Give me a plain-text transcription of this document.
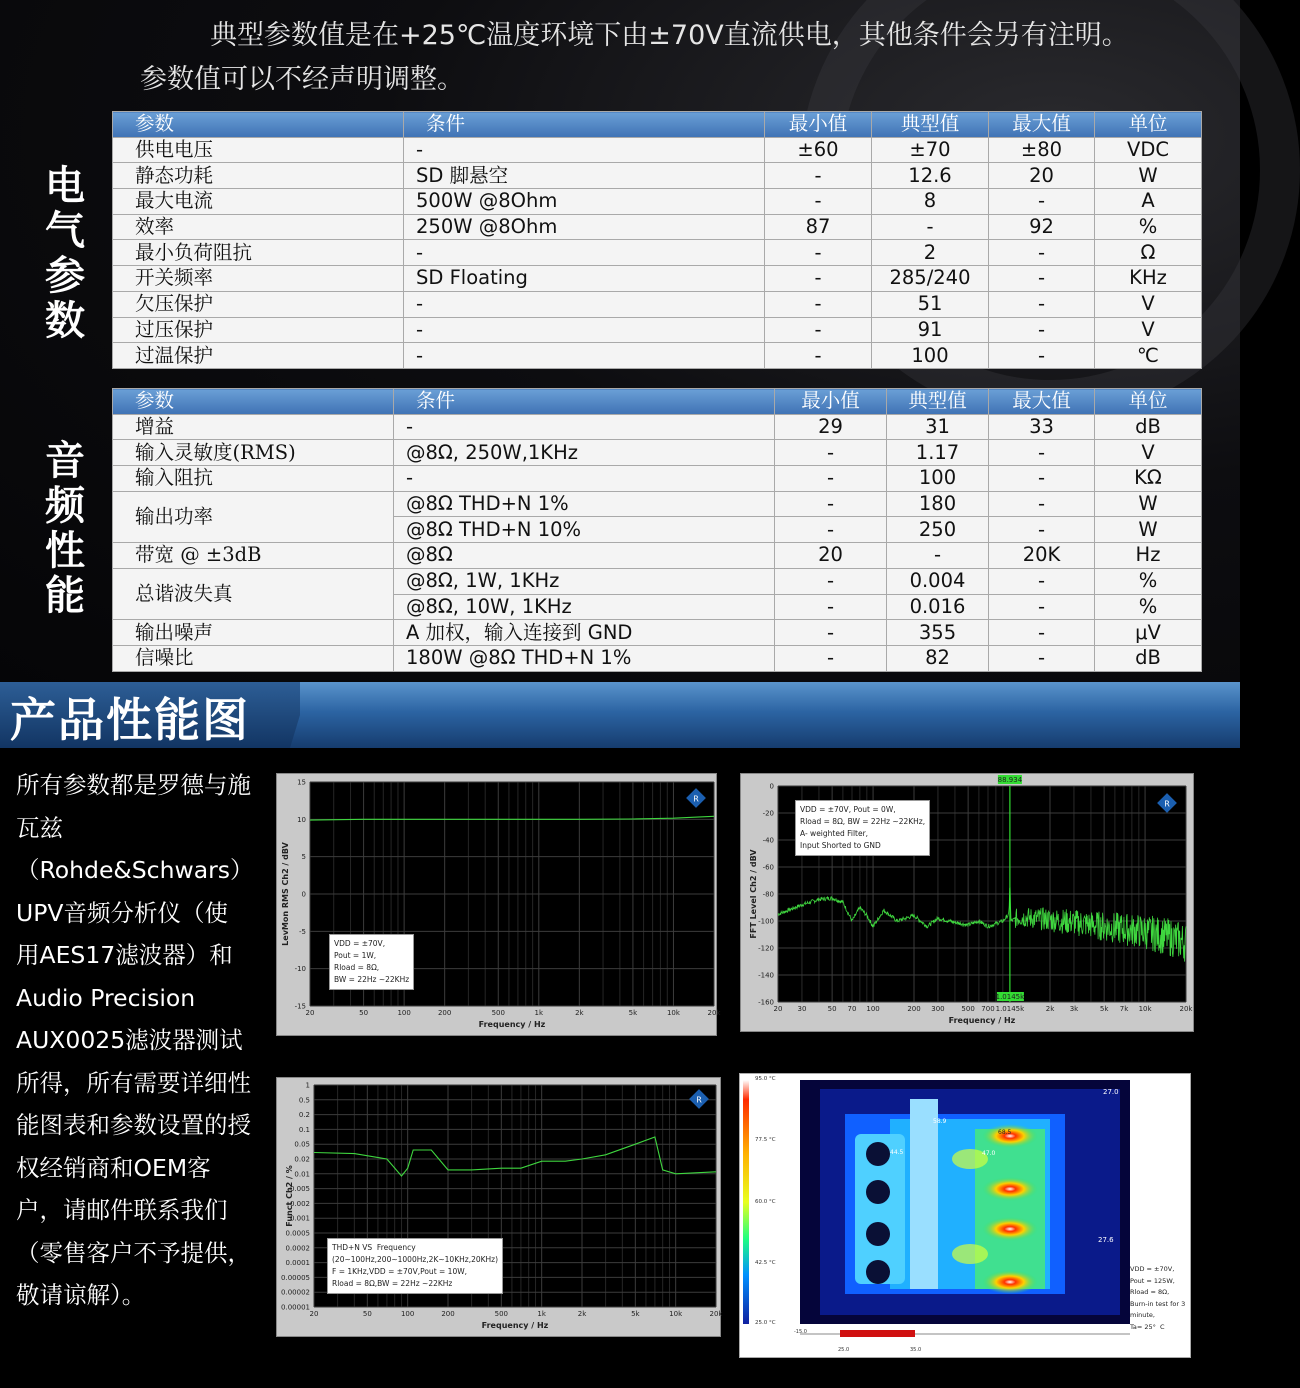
典型参数值是在+25℃温度环境下由±70V直流供电，其他条件会另有注明。
参数值可以不经声明调整。
电
气
参
数
参数	条件	最小值	典型值	最大值	单位
供电电压	-	±60	±70	±80	VDC
静态功耗	SD 脚悬空	-	12.6	20	W
最大电流	500W @8Ohm	-	8	-	A
效率	250W @8Ohm	87	-	92	%
最小负荷阻抗	-	-	2	-	Ω
开关频率	SD Floating	-	285/240	-	KHz
欠压保护	-	-	51	-	V
过压保护	-	-	91	-	V
过温保护	-	-	100	-	℃
音
频
性
能
参数	条件	最小值	典型值	最大值	单位
增益	-	29	31	33	dB
输入灵敏度(RMS)	@8Ω, 250W,1KHz	-	1.17	-	V
输入阻抗	-	-	100	-	KΩ
输出功率	@8Ω THD+N 1%	-	180	-	W
	@8Ω THD+N 10%	-	250	-	W
带宽 @ ±3dB	@8Ω	20	-	20K	Hz
总谐波失真	@8Ω, 1W, 1KHz	-	0.004	-	%
	@8Ω, 10W, 1KHz	-	0.016	-	%
输出噪声	A 加权，输入连接到 GND	-	355	-	μV
信噪比	180W @8Ω THD+N 1%	-	82	-	dB
产品性能图
所有参数都是罗德与施瓦兹（Rohde&Schwars）UPV音频分析仪（使用AES17滤波器）和Audio Precision AUX0025滤波器测试所得，所有需要详细性能图表和参数设置的授权经销商和OEM客户，请邮件联系我们（零售客户不予提供，敬请谅解）。
20	50	100	200	500	1k	2k	5k	10k	20k
15
10
5
0
-5
-10
-15
Frequency / Hz
LevMon RMS Ch2 / dBV	VDD = ±70V,
Pout = 1W,
Rload = 8Ω,
BW = 22Hz ~22KHz
R
20 30	50 70 100	200 300 500 700 1.0145k	2k 3k	5k 7k 10k	20k
0
-20
-40
-60
-80
-100
-120
-140
-160
Frequency / Hz
FFT Level Ch2 / dBV
88.934
1.0145k
VDD = ±70V, Pout = 0W,
Rload = 8Ω, BW = 22Hz ~22KHz,
A- weighted Filter,
Input Shorted to GND
R
20	50	100	200	500	1k	2k	5k	10k	20k
1
0.5
0.2
0.1
0.05
0.02
0.01
0.005
0.002
0.001
0.0005
0.0002
0.0001
0.00005
0.00002
0.00001
Frequency / Hz
Funct Ch2 / %
THD+N VS  Frequency
(20~100Hz,200~1000Hz,2K~10KHz,20KHz)
F = 1KHz,VDD = ±70V,Pout = 10W,
Rload = 8Ω,BW = 22Hz ~22KHz
R
95.0 °C
77.5 °C
60.0 °C
42.5 °C
25.0 °C
27.0
58.9
44.5	47.0
68.5
27.6
VDD = ±70V,
Pout = 125W,
Rload = 8Ω,
Burn-in test for 3
minute,
Ta= 25°  C
-15.0
25.0	35.0
